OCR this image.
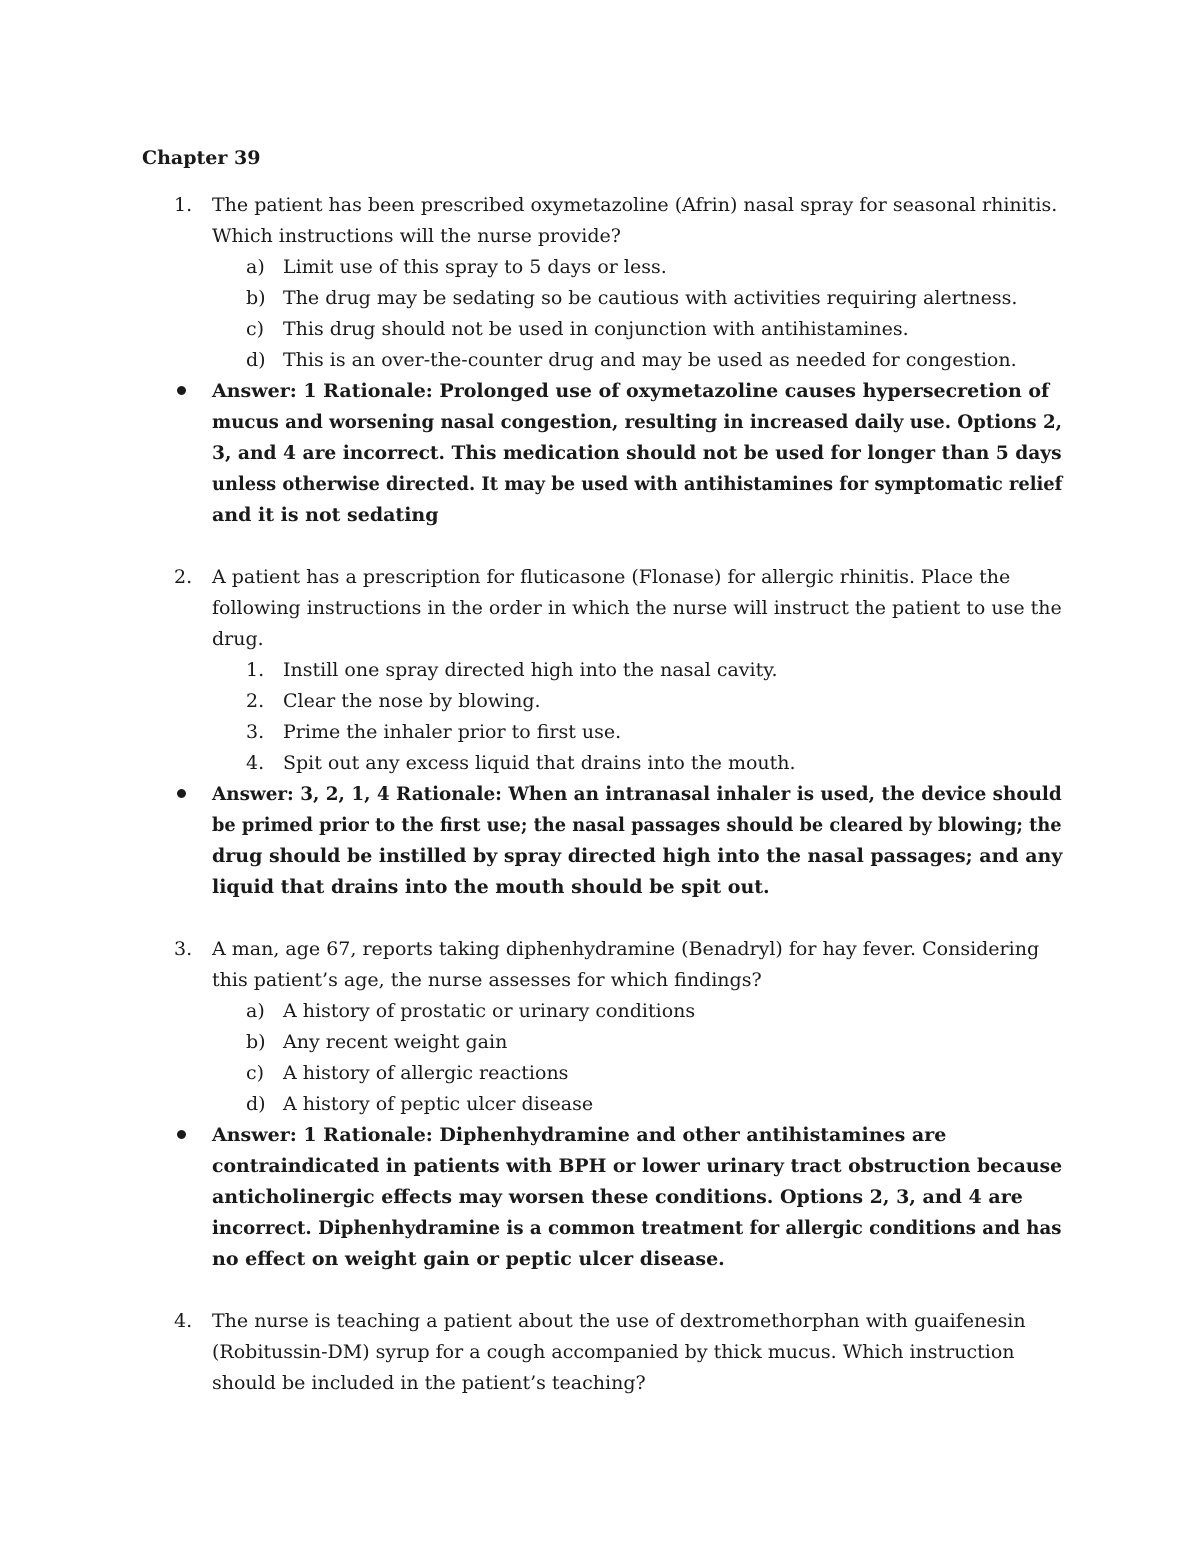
Chapter 39
1. The patient has been prescribed oxymetazoline (Afrin) nasal spray for seasonal rhinitis.
Which instructions will the nurse provide?
a) Limit use of this spray to 5 days or less.
b) The drug may be sedating so be cautious with activities requiring alertness.
c) This drug should not be used in conjunction with antihistamines.
d) This is an over-the-counter drug and may be used as needed for congestion.
Answer: 1 Rationale: Prolonged use of oxymetazoline causes hypersecretion of
mucus and worsening nasal congestion, resulting in increased daily use. Options 2,
3, and 4 are incorrect. This medication should not be used for longer than 5 days
unless otherwise directed. It may be used with antihistamines for symptomatic relief
and it is not sedating
2. A patient has a prescription for fluticasone (Flonase) for allergic rhinitis. Place the
following instructions in the order in which the nurse will instruct the patient to use the
drug.
1. Instill one spray directed high into the nasal cavity.
2. Clear the nose by blowing.
3. Prime the inhaler prior to first use.
4. Spit out any excess liquid that drains into the mouth.
Answer: 3, 2, 1, 4 Rationale: When an intranasal inhaler is used, the device should
be primed prior to the first use; the nasal passages should be cleared by blowing; the
drug should be instilled by spray directed high into the nasal passages; and any
liquid that drains into the mouth should be spit out.
3. A man, age 67, reports taking diphenhydramine (Benadryl) for hay fever. Considering
this patient’s age, the nurse assesses for which findings?
a) A history of prostatic or urinary conditions
b) Any recent weight gain
c) A history of allergic reactions
d) A history of peptic ulcer disease
Answer: 1 Rationale: Diphenhydramine and other antihistamines are
contraindicated in patients with BPH or lower urinary tract obstruction because
anticholinergic effects may worsen these conditions. Options 2, 3, and 4 are
incorrect. Diphenhydramine is a common treatment for allergic conditions and has
no effect on weight gain or peptic ulcer disease.
4. The nurse is teaching a patient about the use of dextromethorphan with guaifenesin
(Robitussin-DM) syrup for a cough accompanied by thick mucus. Which instruction
should be included in the patient’s teaching?
